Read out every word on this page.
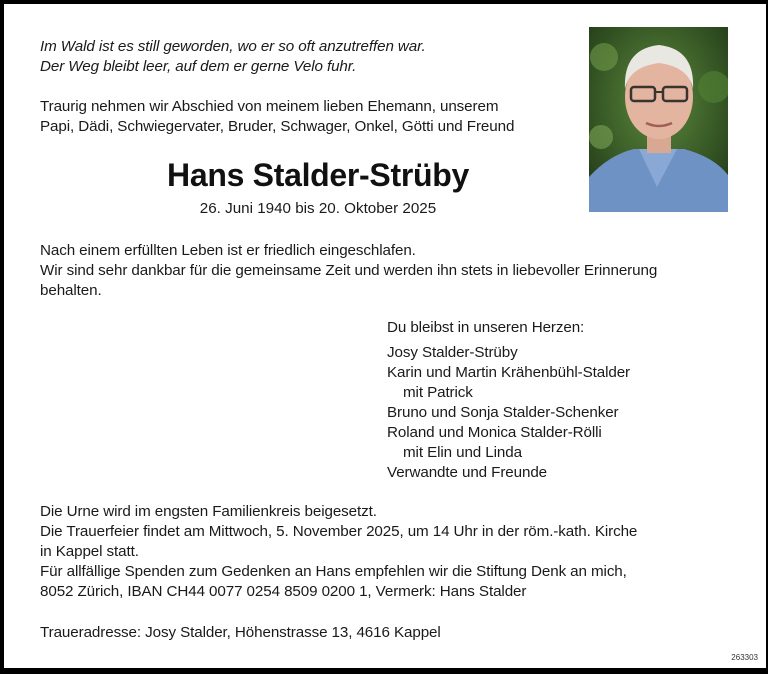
Im Wald ist es still geworden, wo er so oft anzutreffen war.
Der Weg bleibt leer, auf dem er gerne Velo fuhr.
Traurig nehmen wir Abschied von meinem lieben Ehemann, unserem
Papi, Dädi, Schwiegervater, Bruder, Schwager, Onkel, Götti und Freund
Hans Stalder-Strüby
26. Juni 1940 bis 20. Oktober 2025
Nach einem erfüllten Leben ist er friedlich eingeschlafen.
Wir sind sehr dankbar für die gemeinsame Zeit und werden ihn stets in liebevoller Erinnerung
behalten.
Du bleibst in unseren Herzen:
Josy Stalder-Strüby
Karin und Martin Krähenbühl-Stalder
mit Patrick
Bruno und Sonja Stalder-Schenker
Roland und Monica Stalder-Rölli
mit Elin und Linda
Verwandte und Freunde
Die Urne wird im engsten Familienkreis beigesetzt.
Die Trauerfeier findet am Mittwoch, 5. November 2025, um 14 Uhr in der röm.-kath. Kirche
in Kappel statt.
Für allfällige Spenden zum Gedenken an Hans empfehlen wir die Stiftung Denk an mich,
8052 Zürich, IBAN CH44 0077 0254 8509 0200 1, Vermerk: Hans Stalder
Traueradresse: Josy Stalder, Höhenstrasse 13, 4616 Kappel
263303
